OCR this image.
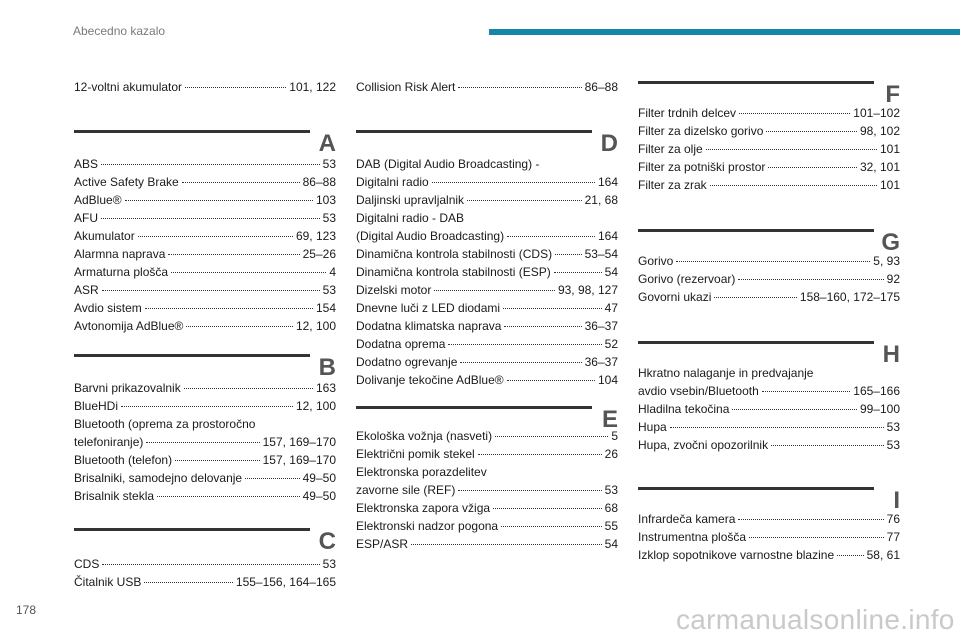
Abecedno kazalo
12-voltni akumulator	101, 122
A
ABS	53
Active Safety Brake	86–88
AdBlue®	103
AFU	53
Akumulator	69, 123
Alarmna naprava	25–26
Armaturna plošča	4
ASR	53
Avdio sistem	154
Avtonomija AdBlue®	12, 100
B
Barvni prikazovalnik	163
BlueHDi	12, 100
Bluetooth (oprema za prostoročno
telefoniranje)	157, 169–170
Bluetooth (telefon)	157, 169–170
Brisalniki, samodejno delovanje	49–50
Brisalnik stekla	49–50
C
CDS	53
Čitalnik USB	155–156, 164–165
Collision Risk Alert	86–88
D
DAB (Digital Audio Broadcasting) -
Digitalni radio	164
Daljinski upravljalnik	21, 68
Digitalni radio - DAB
(Digital Audio Broadcasting)	164
Dinamična kontrola stabilnosti (CDS)	53–54
Dinamična kontrola stabilnosti (ESP)	54
Dizelski motor	93, 98, 127
Dnevne luči z LED diodami	47
Dodatna klimatska naprava	36–37
Dodatna oprema	52
Dodatno ogrevanje	36–37
Dolivanje tekočine AdBlue®	104
E
Ekološka vožnja (nasveti)	5
Električni pomik stekel	26
Elektronska porazdelitev
zavorne sile (REF)	53
Elektronska zapora vžiga	68
Elektronski nadzor pogona	55
ESP/ASR	54
F
Filter trdnih delcev	101–102
Filter za dizelsko gorivo	98, 102
Filter za olje	101
Filter za potniški prostor	32, 101
Filter za zrak	101
G
Gorivo	5, 93
Gorivo (rezervoar)	92
Govorni ukazi	158–160, 172–175
H
Hkratno nalaganje in predvajanje
avdio vsebin/Bluetooth	165–166
Hladilna tekočina	99–100
Hupa	53
Hupa, zvočni opozorilnik	53
I
Infrardeča kamera	76
Instrumentna plošča	77
Izklop sopotnikove varnostne blazine	58, 61
178	carmanualsonline.info
